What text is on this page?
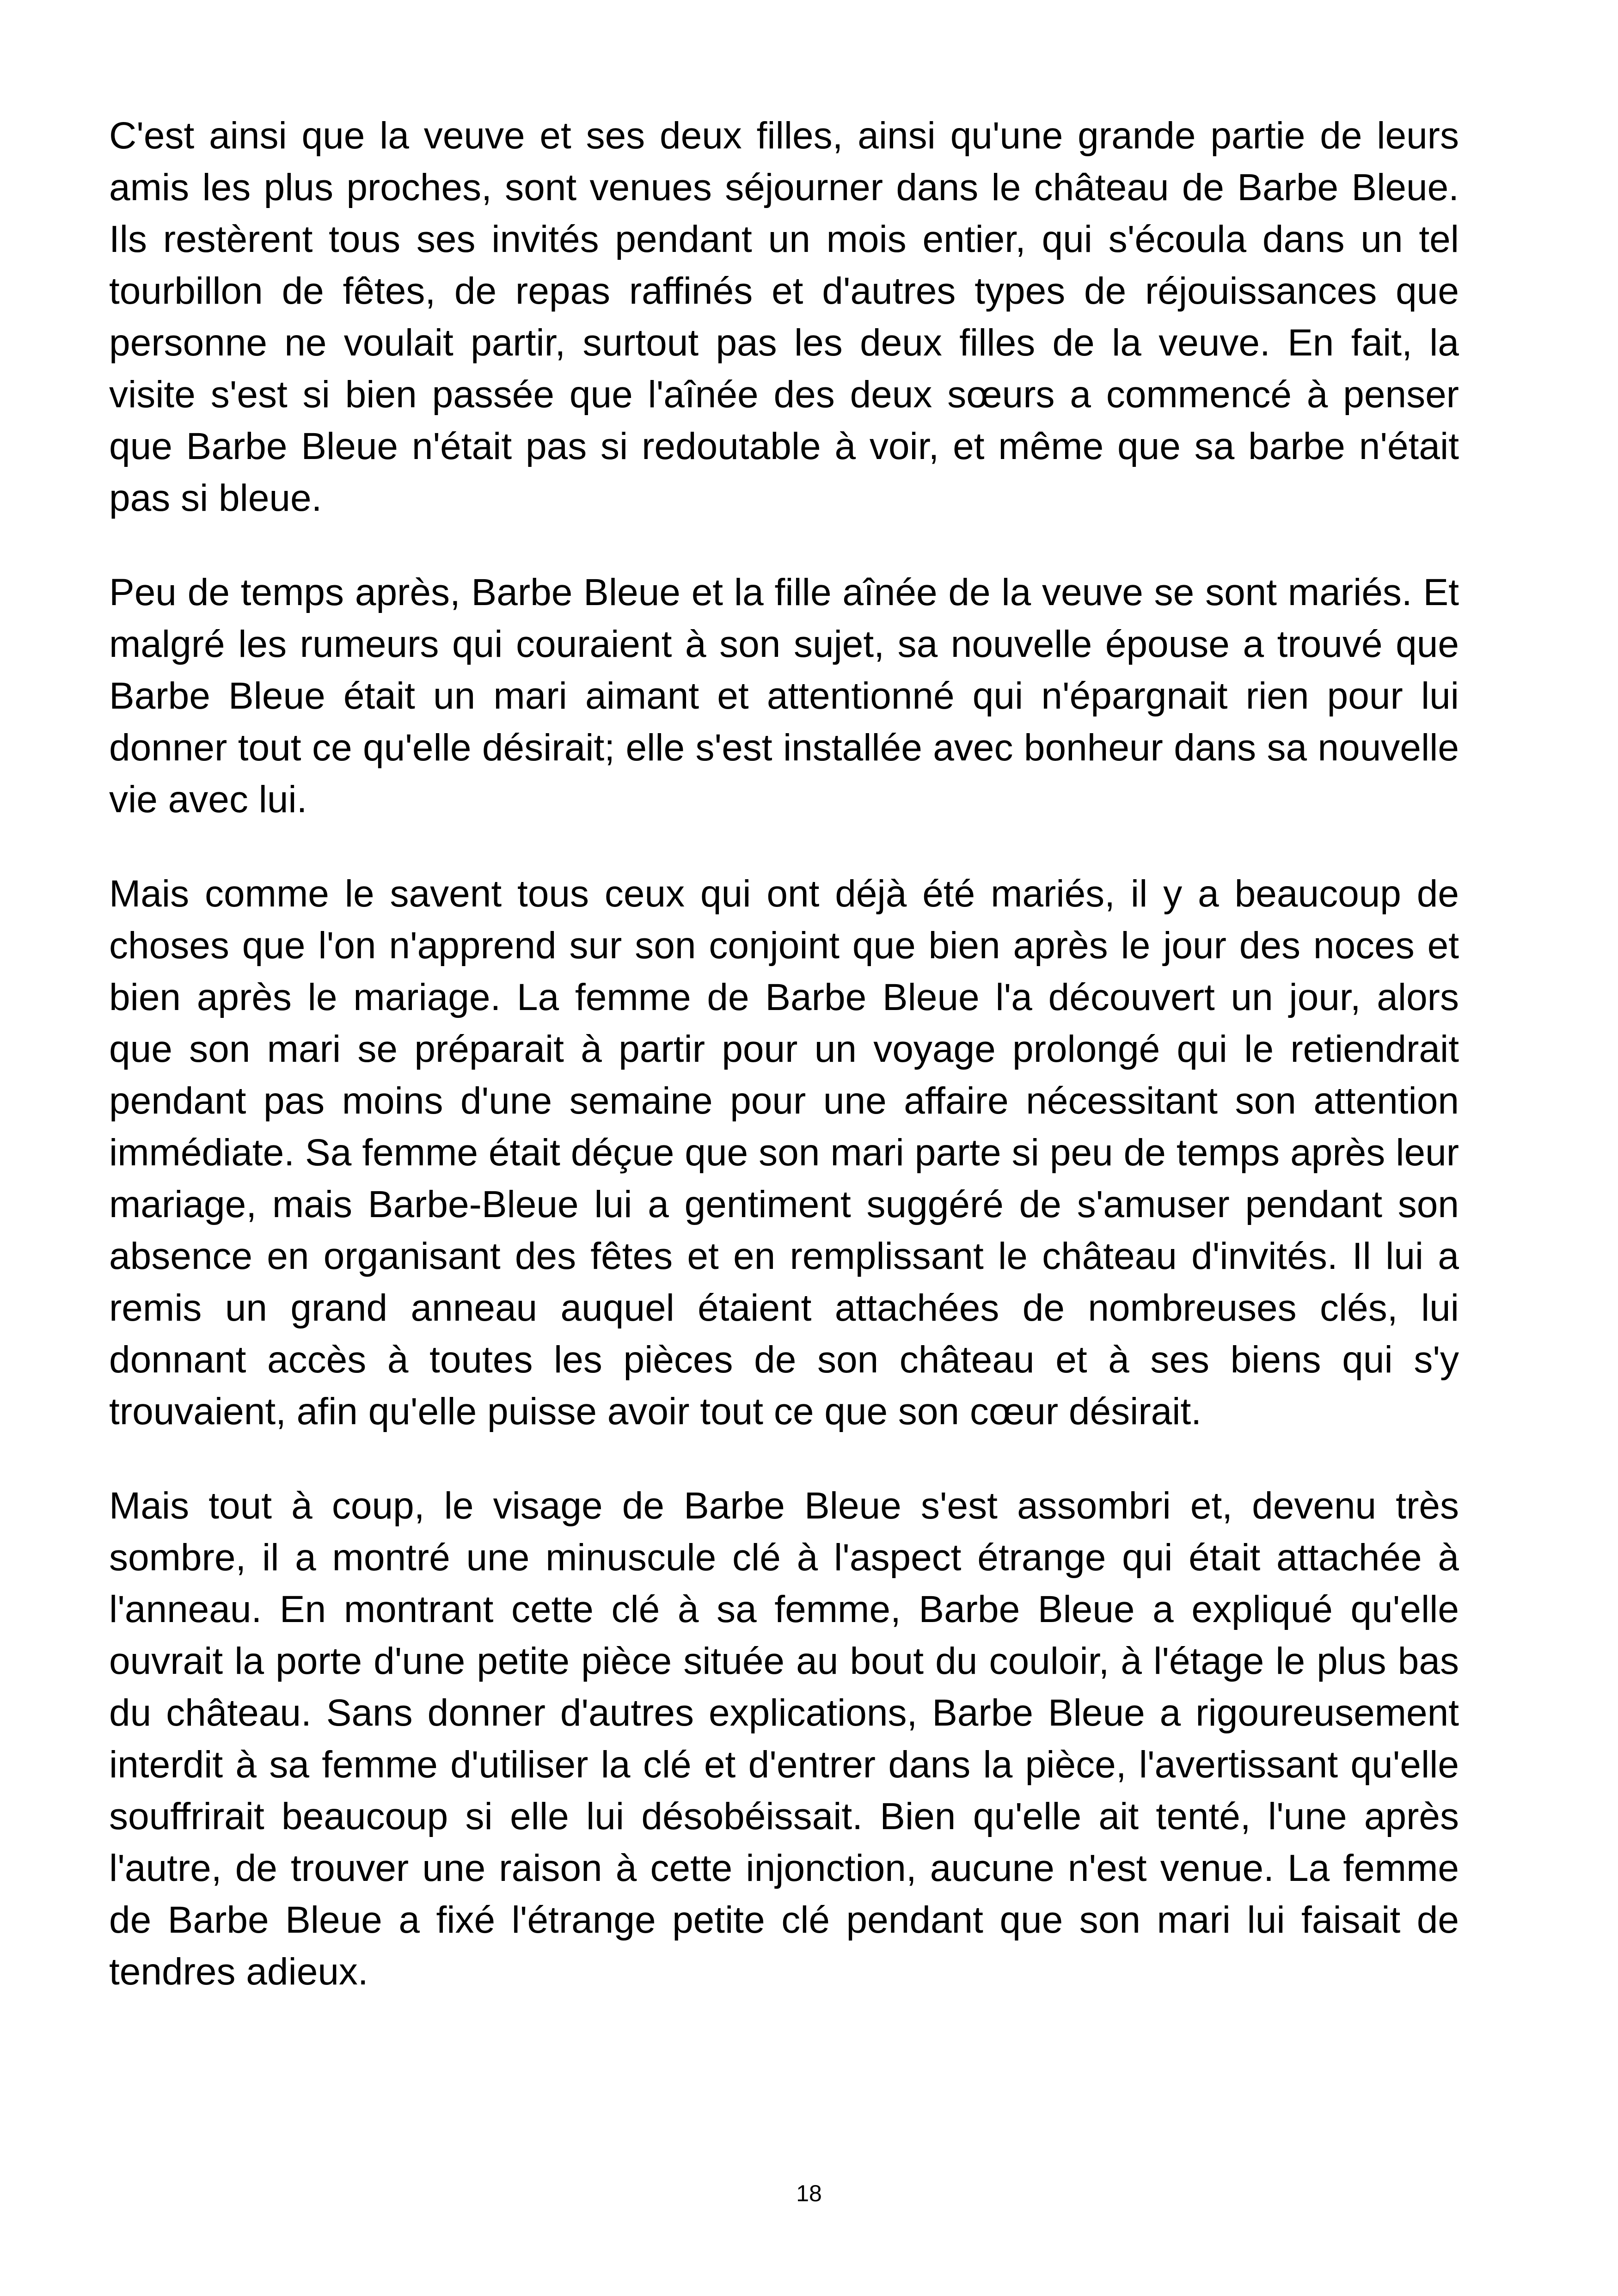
C'est ainsi que la veuve et ses deux filles, ainsi qu'une grande partie de leurs amis les plus proches, sont venues séjourner dans le château de Barbe Bleue. Ils restèrent tous ses invités pendant un mois entier, qui s'écoula dans un tel tourbillon de fêtes, de repas raffinés et d'autres types de réjouissances que personne ne voulait partir, surtout pas les deux filles de la veuve. En fait, la visite s'est si bien passée que l'aînée des deux sœurs a commencé à penser que Barbe Bleue n'était pas si redoutable à voir, et même que sa barbe n'était pas si bleue.

Peu de temps après, Barbe Bleue et la fille aînée de la veuve se sont mariés. Et malgré les rumeurs qui couraient à son sujet, sa nouvelle épouse a trouvé que Barbe Bleue était un mari aimant et attentionné qui n'épargnait rien pour lui donner tout ce qu'elle désirait; elle s'est installée avec bonheur dans sa nouvelle vie avec lui.

Mais comme le savent tous ceux qui ont déjà été mariés, il y a beaucoup de choses que l'on n'apprend sur son conjoint que bien après le jour des noces et bien après le mariage. La femme de Barbe Bleue l'a découvert un jour, alors que son mari se préparait à partir pour un voyage prolongé qui le retiendrait pendant pas moins d'une semaine pour une affaire nécessitant son attention immédiate. Sa femme était déçue que son mari parte si peu de temps après leur mariage, mais Barbe-Bleue lui a gentiment suggéré de s'amuser pendant son absence en organisant des fêtes et en remplissant le château d'invités. Il lui a remis un grand anneau auquel étaient attachées de nombreuses clés, lui donnant accès à toutes les pièces de son château et à ses biens qui s'y trouvaient, afin qu'elle puisse avoir tout ce que son cœur désirait.

Mais tout à coup, le visage de Barbe Bleue s'est assombri et, devenu très sombre, il a montré une minuscule clé à l'aspect étrange qui était attachée à l'anneau. En montrant cette clé à sa femme, Barbe Bleue a expliqué qu'elle ouvrait la porte d'une petite pièce située au bout du couloir, à l'étage le plus bas du château. Sans donner d'autres explications, Barbe Bleue a rigoureusement interdit à sa femme d'utiliser la clé et d'entrer dans la pièce, l'avertissant qu'elle souffrirait beaucoup si elle lui désobéissait. Bien qu'elle ait tenté, l'une après l'autre, de trouver une raison à cette injonction, aucune n'est venue. La femme de Barbe Bleue a fixé l'étrange petite clé pendant que son mari lui faisait de tendres adieux.

18
